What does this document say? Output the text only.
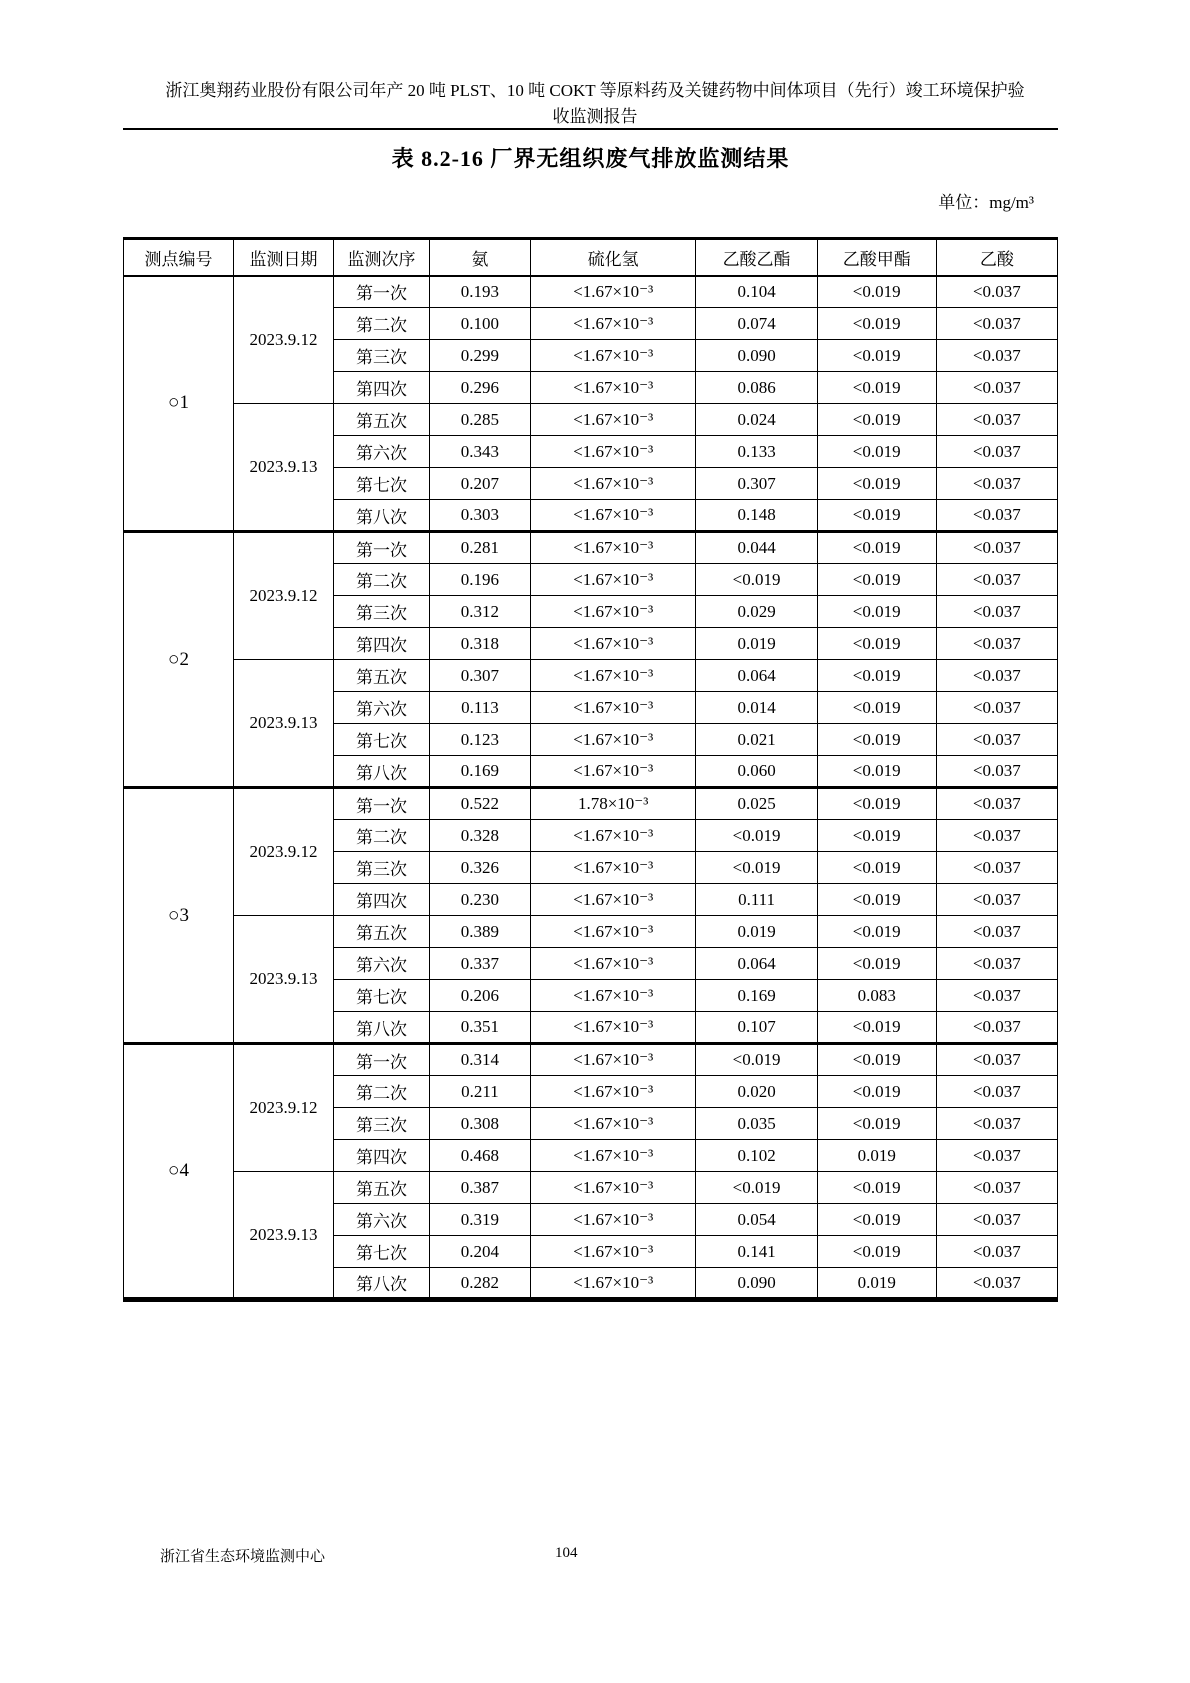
浙江奥翔药业股份有限公司年产 20 吨 PLST、10 吨 COKT 等原料药及关键药物中间体项目（先行）竣工环境保护验
收监测报告
表 8.2-16 厂界无组织废气排放监测结果
单位：mg/m³
测点编号	监测日期	监测次序	氨	硫化氢	乙酸乙酯	乙酸甲酯	乙酸
○1	2023.9.12	第一次	0.193	<1.67×10⁻³	0.104	<0.019	<0.037
		第二次	0.100	<1.67×10⁻³	0.074	<0.019	<0.037
		第三次	0.299	<1.67×10⁻³	0.090	<0.019	<0.037
		第四次	0.296	<1.67×10⁻³	0.086	<0.019	<0.037
	2023.9.13	第五次	0.285	<1.67×10⁻³	0.024	<0.019	<0.037
		第六次	0.343	<1.67×10⁻³	0.133	<0.019	<0.037
		第七次	0.207	<1.67×10⁻³	0.307	<0.019	<0.037
		第八次	0.303	<1.67×10⁻³	0.148	<0.019	<0.037
○2	2023.9.12	第一次	0.281	<1.67×10⁻³	0.044	<0.019	<0.037
		第二次	0.196	<1.67×10⁻³	<0.019	<0.019	<0.037
		第三次	0.312	<1.67×10⁻³	0.029	<0.019	<0.037
		第四次	0.318	<1.67×10⁻³	0.019	<0.019	<0.037
	2023.9.13	第五次	0.307	<1.67×10⁻³	0.064	<0.019	<0.037
		第六次	0.113	<1.67×10⁻³	0.014	<0.019	<0.037
		第七次	0.123	<1.67×10⁻³	0.021	<0.019	<0.037
		第八次	0.169	<1.67×10⁻³	0.060	<0.019	<0.037
○3	2023.9.12	第一次	0.522	1.78×10⁻³	0.025	<0.019	<0.037
		第二次	0.328	<1.67×10⁻³	<0.019	<0.019	<0.037
		第三次	0.326	<1.67×10⁻³	<0.019	<0.019	<0.037
		第四次	0.230	<1.67×10⁻³	0.111	<0.019	<0.037
	2023.9.13	第五次	0.389	<1.67×10⁻³	0.019	<0.019	<0.037
		第六次	0.337	<1.67×10⁻³	0.064	<0.019	<0.037
		第七次	0.206	<1.67×10⁻³	0.169	0.083	<0.037
		第八次	0.351	<1.67×10⁻³	0.107	<0.019	<0.037
○4	2023.9.12	第一次	0.314	<1.67×10⁻³	<0.019	<0.019	<0.037
		第二次	0.211	<1.67×10⁻³	0.020	<0.019	<0.037
		第三次	0.308	<1.67×10⁻³	0.035	<0.019	<0.037
		第四次	0.468	<1.67×10⁻³	0.102	0.019	<0.037
	2023.9.13	第五次	0.387	<1.67×10⁻³	<0.019	<0.019	<0.037
		第六次	0.319	<1.67×10⁻³	0.054	<0.019	<0.037
		第七次	0.204	<1.67×10⁻³	0.141	<0.019	<0.037
		第八次	0.282	<1.67×10⁻³	0.090	0.019	<0.037
浙江省生态环境监测中心	104
